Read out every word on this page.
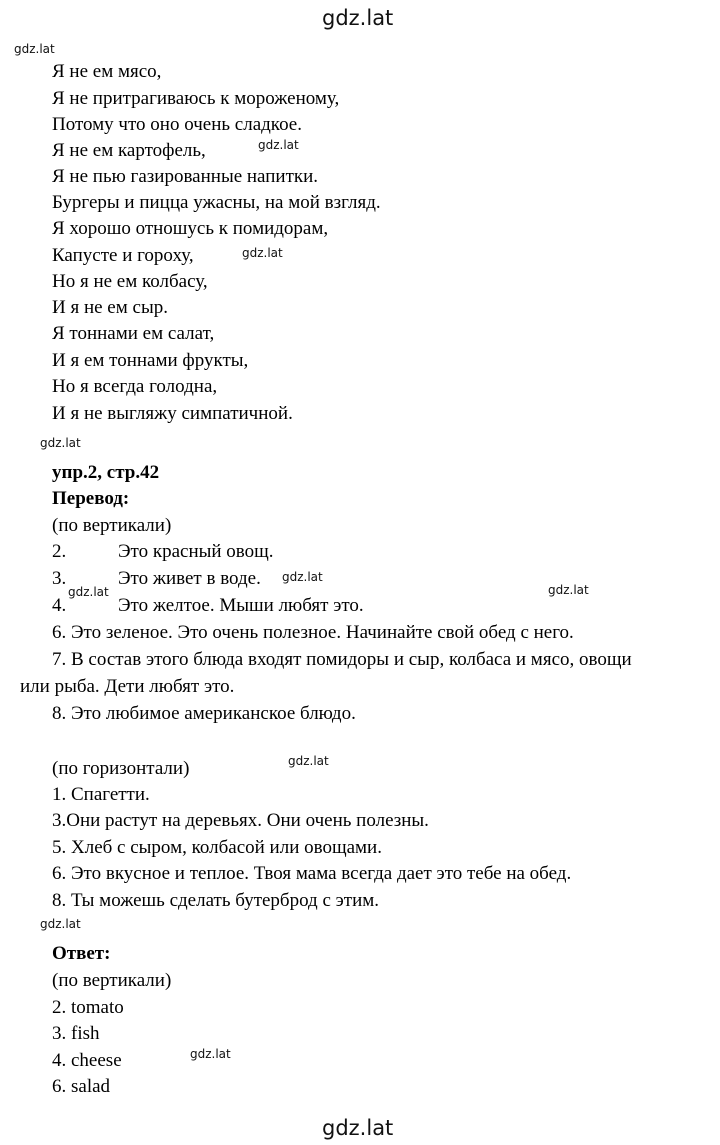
gdz.lat
gdz.lat
gdz.lat
gdz.lat
gdz.lat
gdz.lat
gdz.lat	gdz.lat
gdz.lat
gdz.lat
gdz.lat
gdz.lat
Я не ем мясо,
Я не притрагиваюсь к мороженому,
Потому что оно очень сладкое.
Я не ем картофель,
Я не пью газированные напитки.
Бургеры и пицца ужасны, на мой взгляд.
Я хорошо отношусь к помидорам,
Капусте и гороху,
Но я не ем колбасу,
И я не ем сыр.
Я тоннами ем салат,
И я ем тоннами фрукты,
Но я всегда голодна,
И я не выгляжу симпатичной.
упр.2, стр.42
Перевод:
(по вертикали)
2.	Это красный овощ.
3.	Это живет в воде.
4.	Это желтое. Мыши любят это.
6. Это зеленое. Это очень полезное. Начинайте свой обед с него.
7. В состав этого блюда входят помидоры и сыр, колбаса и мясо, овощи
или рыба. Дети любят это.
8. Это любимое американское блюдо.
(по горизонтали)
1. Спагетти.
3.Они растут на деревьях. Они очень полезны.
5. Хлеб с сыром, колбасой или овощами.
6. Это вкусное и теплое. Твоя мама всегда дает это тебе на обед.
8. Ты можешь сделать бутерброд с этим.
Ответ:
(по вертикали)
2. tomato
3. fish
4. cheese
6. salad
